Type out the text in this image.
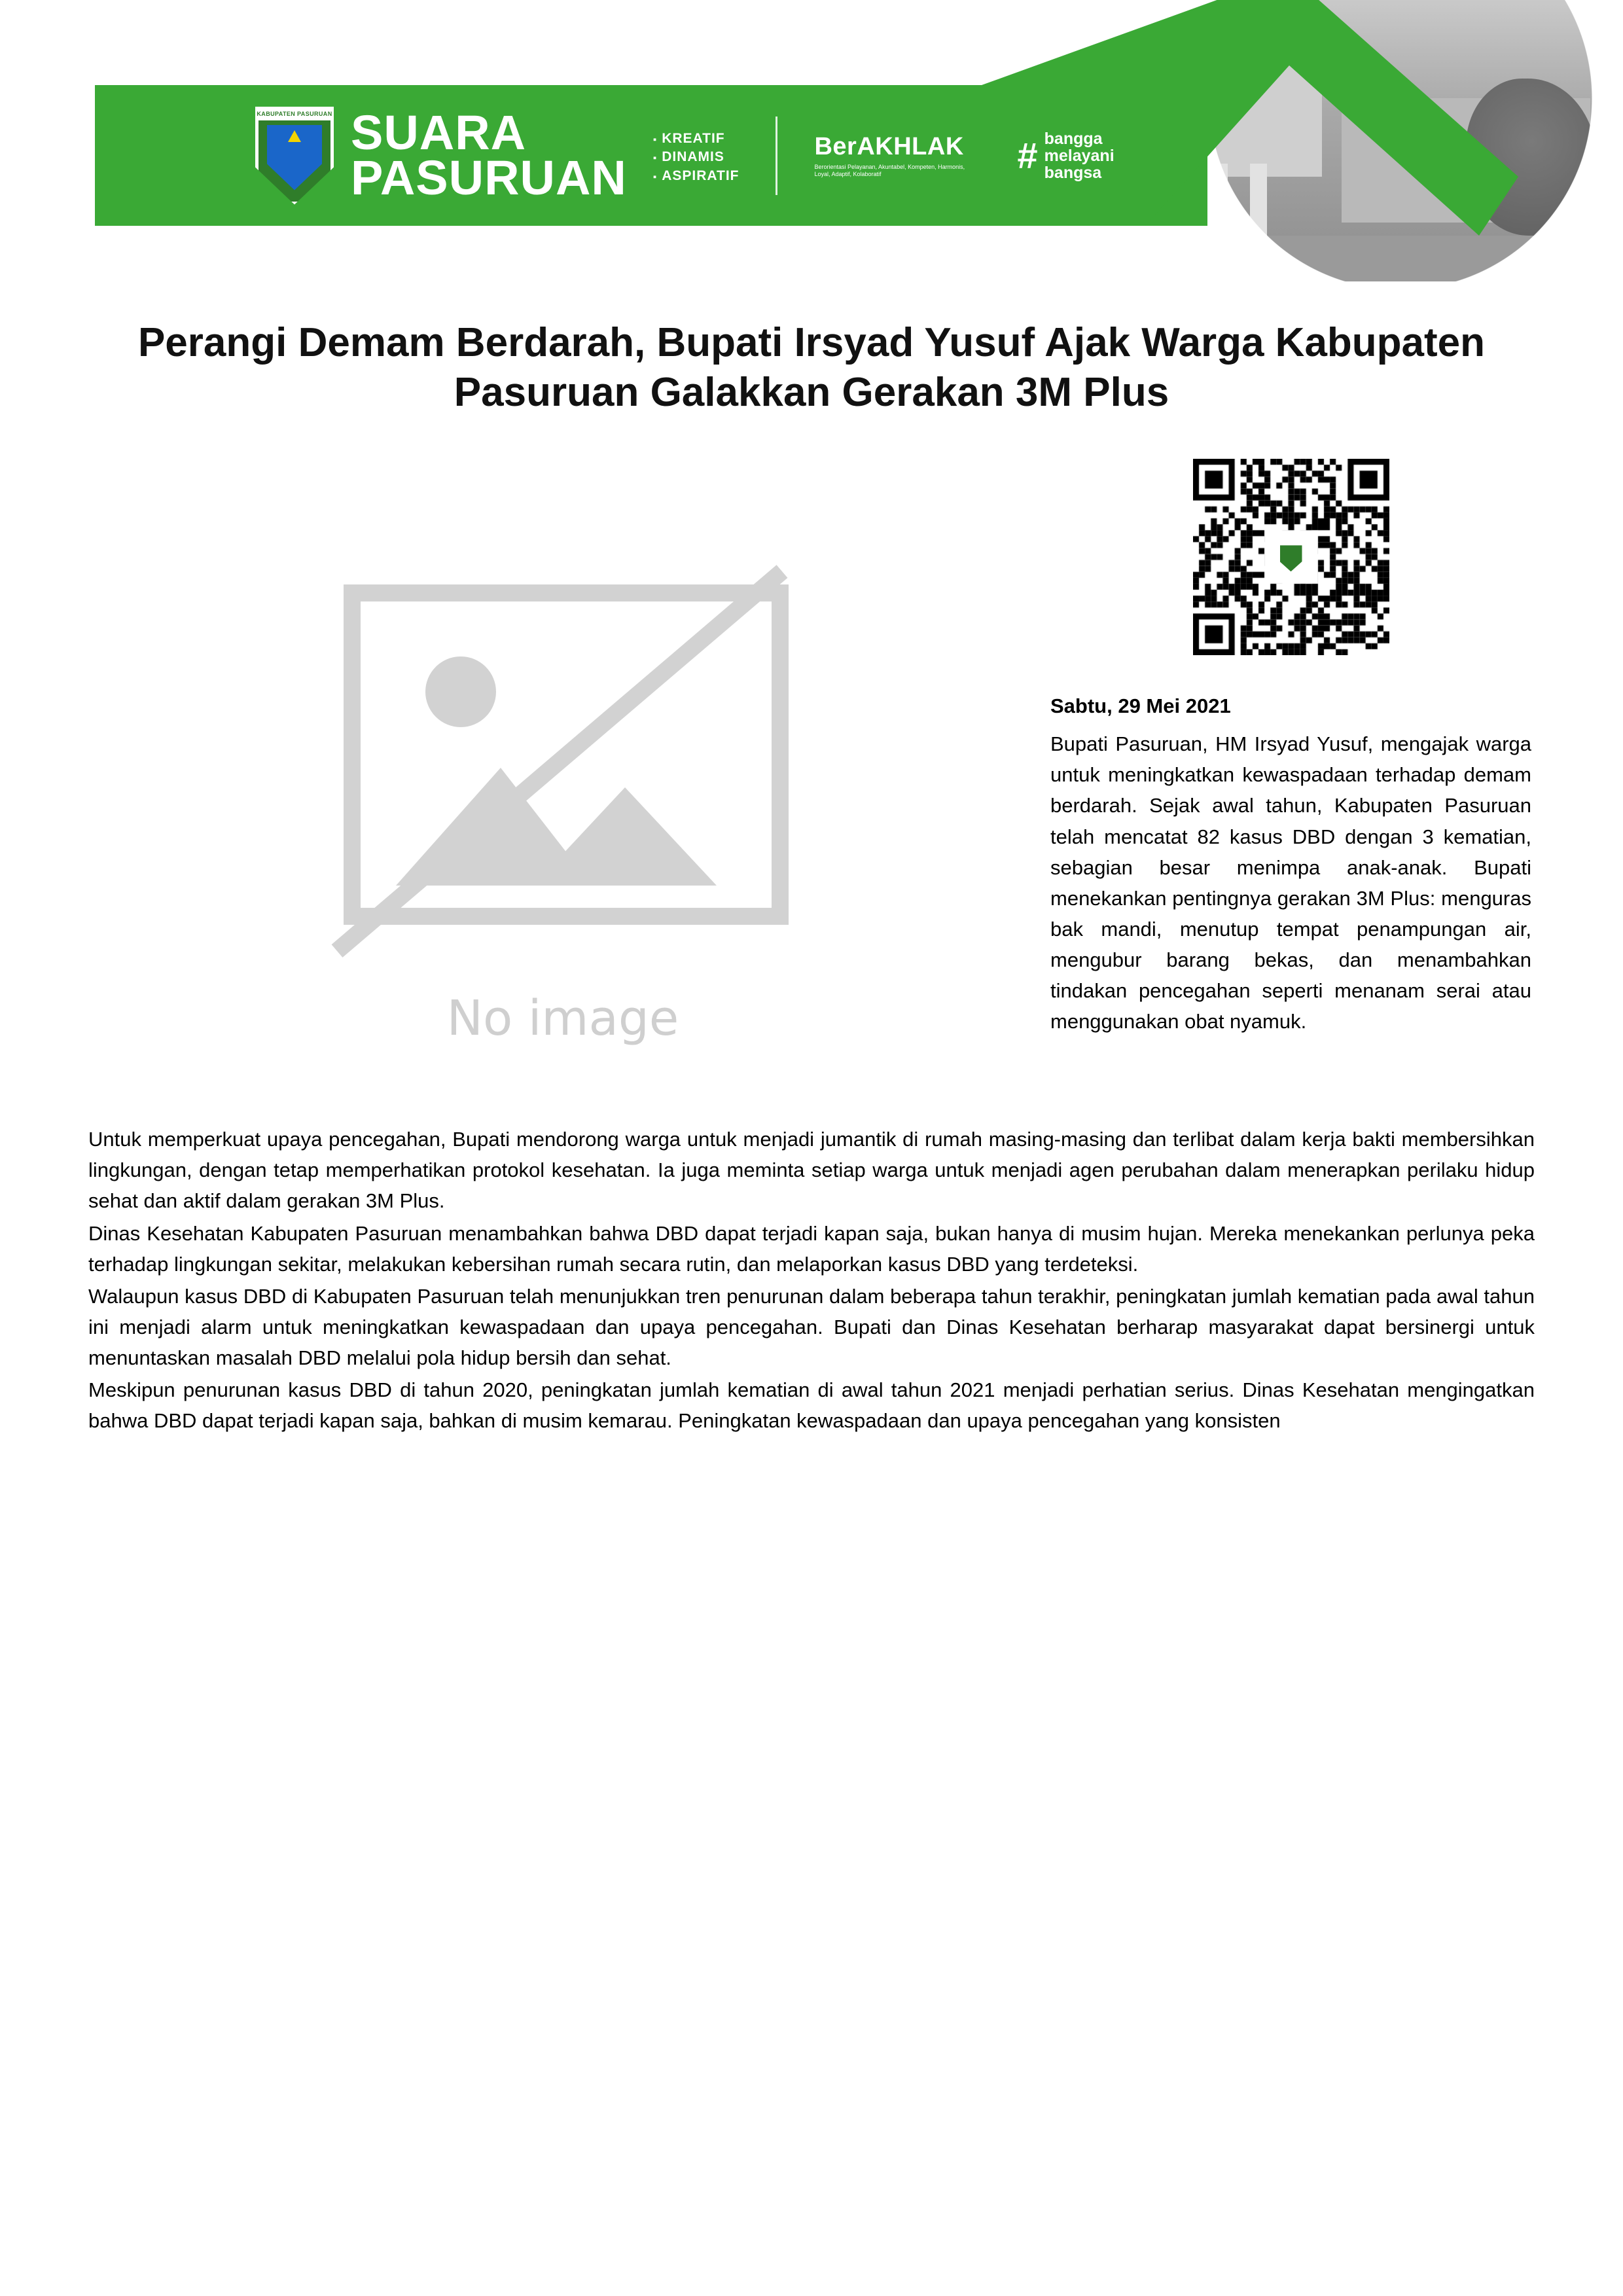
KABUPATEN PASURUAN SUARA
PASURUAN
▪ KREATIF
▪ DINAMIS
▪ ASPIRATIF
BerAKHLAK
Berorientasi Pelayanan, Akuntabel, Kompeten, Harmonis, Loyal, Adaptif, Kolaboratif	# bangga
melayani
bangsa
Perangi Demam Berdarah, Bupati Irsyad Yusuf Ajak Warga Kabupaten Pasuruan Galakkan Gerakan 3M Plus
No image
Sabtu, 29 Mei 2021
Bupati Pasuruan, HM Irsyad Yusuf, mengajak warga untuk meningkatkan kewaspadaan terhadap demam berdarah. Sejak awal tahun, Kabupaten Pasuruan telah mencatat 82 kasus DBD dengan 3 kematian, sebagian besar menimpa anak-anak. Bupati menekankan pentingnya gerakan 3M Plus: menguras bak mandi, menutup tempat penampungan air, mengubur barang bekas, dan menambahkan tindakan pencegahan seperti menanam serai atau menggunakan obat nyamuk.

Untuk memperkuat upaya pencegahan, Bupati mendorong warga untuk menjadi jumantik di rumah masing-masing dan terlibat dalam kerja bakti membersihkan lingkungan, dengan tetap memperhatikan protokol kesehatan. Ia juga meminta setiap warga untuk menjadi agen perubahan dalam menerapkan perilaku hidup sehat dan aktif dalam gerakan 3M Plus.

Dinas Kesehatan Kabupaten Pasuruan menambahkan bahwa DBD dapat terjadi kapan saja, bukan hanya di musim hujan. Mereka menekankan perlunya peka terhadap lingkungan sekitar, melakukan kebersihan rumah secara rutin, dan melaporkan kasus DBD yang terdeteksi.

Walaupun kasus DBD di Kabupaten Pasuruan telah menunjukkan tren penurunan dalam beberapa tahun terakhir, peningkatan jumlah kematian pada awal tahun ini menjadi alarm untuk meningkatkan kewaspadaan dan upaya pencegahan. Bupati dan Dinas Kesehatan berharap masyarakat dapat bersinergi untuk menuntaskan masalah DBD melalui pola hidup bersih dan sehat.

Meskipun penurunan kasus DBD di tahun 2020, peningkatan jumlah kematian di awal tahun 2021 menjadi perhatian serius. Dinas Kesehatan mengingatkan bahwa DBD dapat terjadi kapan saja, bahkan di musim kemarau. Peningkatan kewaspadaan dan upaya pencegahan yang konsisten
